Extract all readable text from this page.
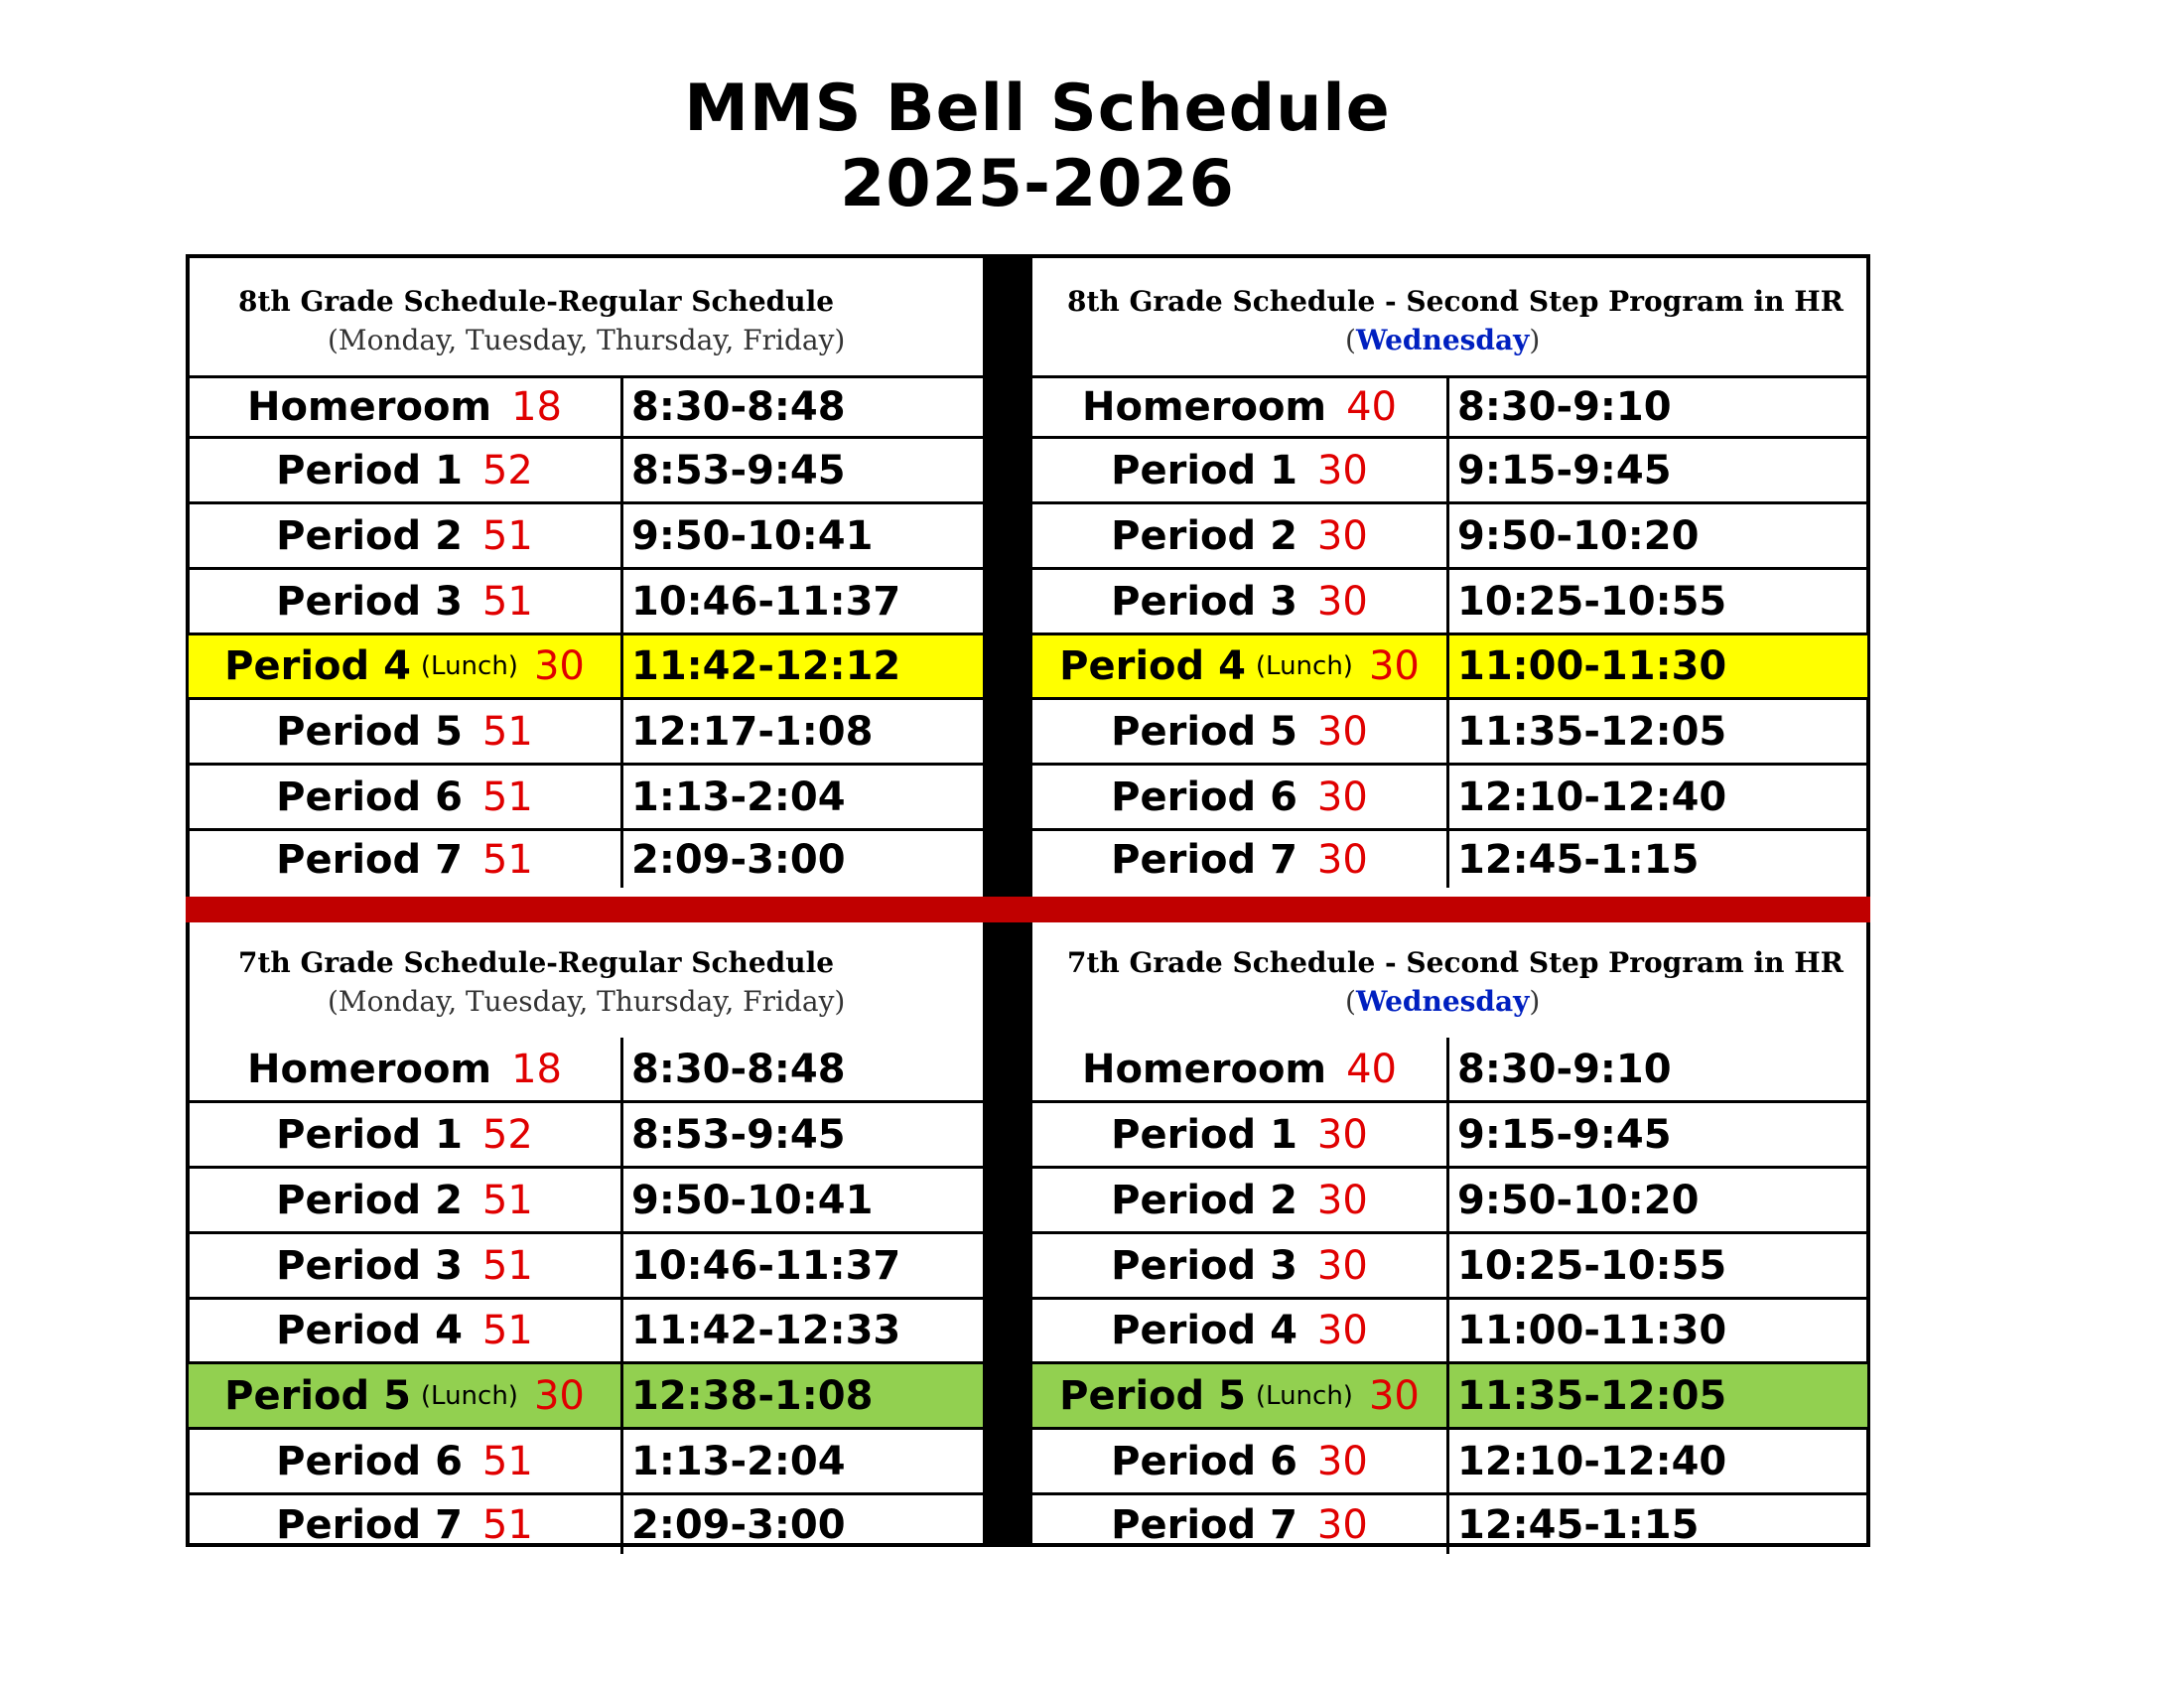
MMS Bell Schedule
2025-2026
8th Grade Schedule-Regular Schedule
(Monday, Tuesday, Thursday, Friday)
8th Grade Schedule - Second Step Program in HR
(Wednesday)
7th Grade Schedule-Regular Schedule
(Monday, Tuesday, Thursday, Friday)
7th Grade Schedule - Second Step Program in HR
(Wednesday)
Homeroom 18 8:30-8:48
Period 1 52 8:53-9:45
Period 2 51 9:50-10:41
Period 3 51 10:46-11:37
Period 4 (Lunch) 30 11:42-12:12
Period 5 51 12:17-1:08
Period 6 51 1:13-2:04
Period 7 51 2:09-3:00
Homeroom 40 8:30-9:10
Period 1 30 9:15-9:45
Period 2 30 9:50-10:20
Period 3 30 10:25-10:55
Period 4 (Lunch) 30 11:00-11:30
Period 5 30 11:35-12:05
Period 6 30 12:10-12:40
Period 7 30 12:45-1:15
Homeroom 18 8:30-8:48
Period 1 52 8:53-9:45
Period 2 51 9:50-10:41
Period 3 51 10:46-11:37
Period 4 51 11:42-12:33
Period 5 (Lunch) 30 12:38-1:08
Period 6 51 1:13-2:04
Period 7 51 2:09-3:00
Homeroom 40 8:30-9:10
Period 1 30 9:15-9:45
Period 2 30 9:50-10:20
Period 3 30 10:25-10:55
Period 4 30 11:00-11:30
Period 5 (Lunch) 30 11:35-12:05
Period 6 30 12:10-12:40
Period 7 30 12:45-1:15
